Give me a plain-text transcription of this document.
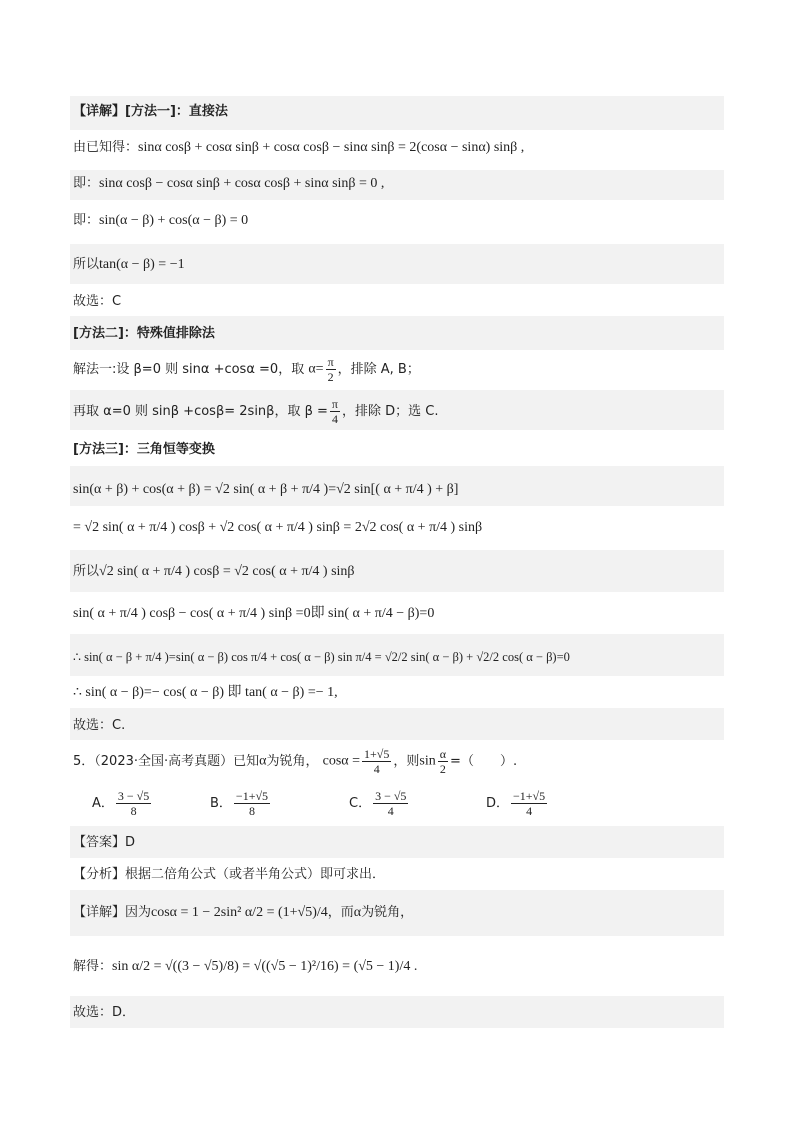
【详解】[方法一]：直接法
由已知得：sinα cosβ + cosα sinβ + cosα cosβ − sinα sinβ = 2(cosα − sinα) sinβ ,
即：sinα cosβ − cosα sinβ + cosα cosβ + sinα sinβ = 0 ,
即：sin(α − β) + cos(α − β) = 0
所以tan(α − β) = −1
故选：C
[方法二]：特殊值排除法
解法一:设 β=0 则 sinα +cosα =0，取 $\alpha= \frac{\pi}{2}$ ，排除 A, B；
再取 α=0 则 sinβ +cosβ= 2sinβ，取 $\beta = \frac{\pi}{4}$ ，排除 D；选 C.
[方法三]：三角恒等变换
sin(α + β) + cos(α + β) = √2 sin( α + β + π/4 )=√2 sin[( α + π/4 ) + β]
= √2 sin( α + π/4 ) cosβ + √2 cos( α + π/4 ) sinβ = 2√2 cos( α + π/4 ) sinβ
所以√2 sin( α + π/4 ) cosβ = √2 cos( α + π/4 ) sinβ
sin( α + π/4 ) cosβ − cos( α + π/4 ) sinβ =0即 sin( α + π/4 − β)=0
∴ sin( α − β + π/4 )=sin( α − β) cos π/4 + cos( α − β) sin π/4 = √2/2 sin( α − β) + √2/2 cos( α − β)=0
∴ sin( α − β)=− cos( α − β) 即 tan( α − β) =− 1,
故选：C.
5．（2023·全国·高考真题）已知α为锐角， $\cos\alpha = \frac{1+√5}{4}$ ，则$\sin \frac{\alpha}{2}$ =（　　）.
A． $\frac{3 - √5}{8}$	B． $\frac{-1+√5}{8}$	C． $\frac{3 - √5}{4}$	D． $\frac{-1+√5}{4}$
【答案】D
【分析】根据二倍角公式（或者半角公式）即可求出．
【详解】因为cosα = 1 − 2sin² α/2 = (1+√5)/4，而α为锐角，
解得：sin α/2 = √((3 − √5)/8) = √((√5 − 1)²/16) = (√5 − 1)/4 .
故选：D．
